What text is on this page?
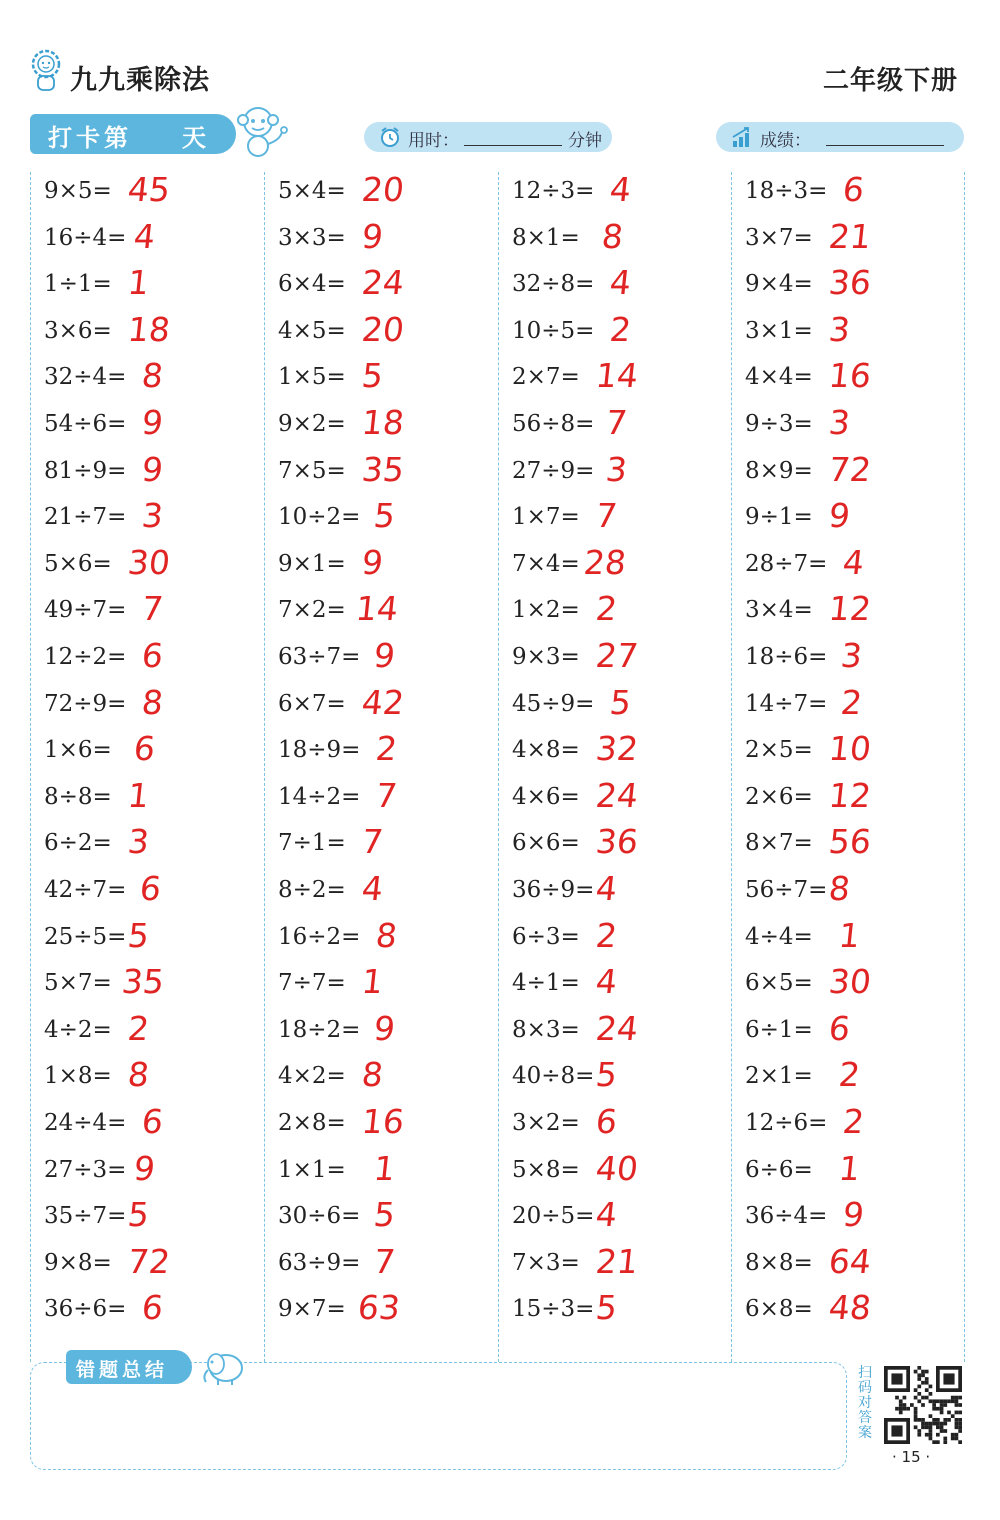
九九乘除法	二年级下册
打卡第 天	用时：	分钟	成绩：
9×5= 45
16÷4= 4
1÷1= 1
3×6= 18
32÷4= 8
54÷6= 9
81÷9= 9
21÷7= 3
5×6= 30
49÷7= 7
12÷2= 6
72÷9= 8
1×6= 6
8÷8= 1
6÷2= 3
42÷7= 6
25÷5= 5
5×7= 35
4÷2= 2
1×8= 8
24÷4= 6
27÷3= 9
35÷7= 5
9×8= 72
36÷6= 6
5×4= 20
3×3= 9
6×4= 24
4×5= 20
1×5= 5
9×2= 18
7×5= 35
10÷2= 5
9×1= 9
7×2= 14
63÷7= 9
6×7= 42
18÷9= 2
14÷2= 7
7÷1= 7
8÷2= 4
16÷2= 8
7÷7= 1
18÷2= 9
4×2= 8
2×8= 16
1×1= 1
30÷6= 5
63÷9= 7
9×7= 63
12÷3= 4
8×1= 8
32÷8= 4
10÷5= 2
2×7= 14
56÷8= 7
27÷9= 3
1×7= 7
7×4= 28
1×2= 2
9×3= 27
45÷9= 5
4×8= 32
4×6= 24
6×6= 36
36÷9= 4
6÷3= 2
4÷1= 4
8×3= 24
40÷8= 5
3×2= 6
5×8= 40
20÷5= 4
7×3= 21
15÷3= 5
18÷3= 6
3×7= 21
9×4= 36
3×1= 3
4×4= 16
9÷3= 3
8×9= 72
9÷1= 9
28÷7= 4
3×4= 12
18÷6= 3
14÷7= 2
2×5= 10
2×6= 12
8×7= 56
56÷7= 8
4÷4= 1
6×5= 30
6÷1= 6
2×1= 2
12÷6= 2
6÷6= 1
36÷4= 9
8×8= 64
6×8= 48
错题总结	扫码对答案
· 15 ·
